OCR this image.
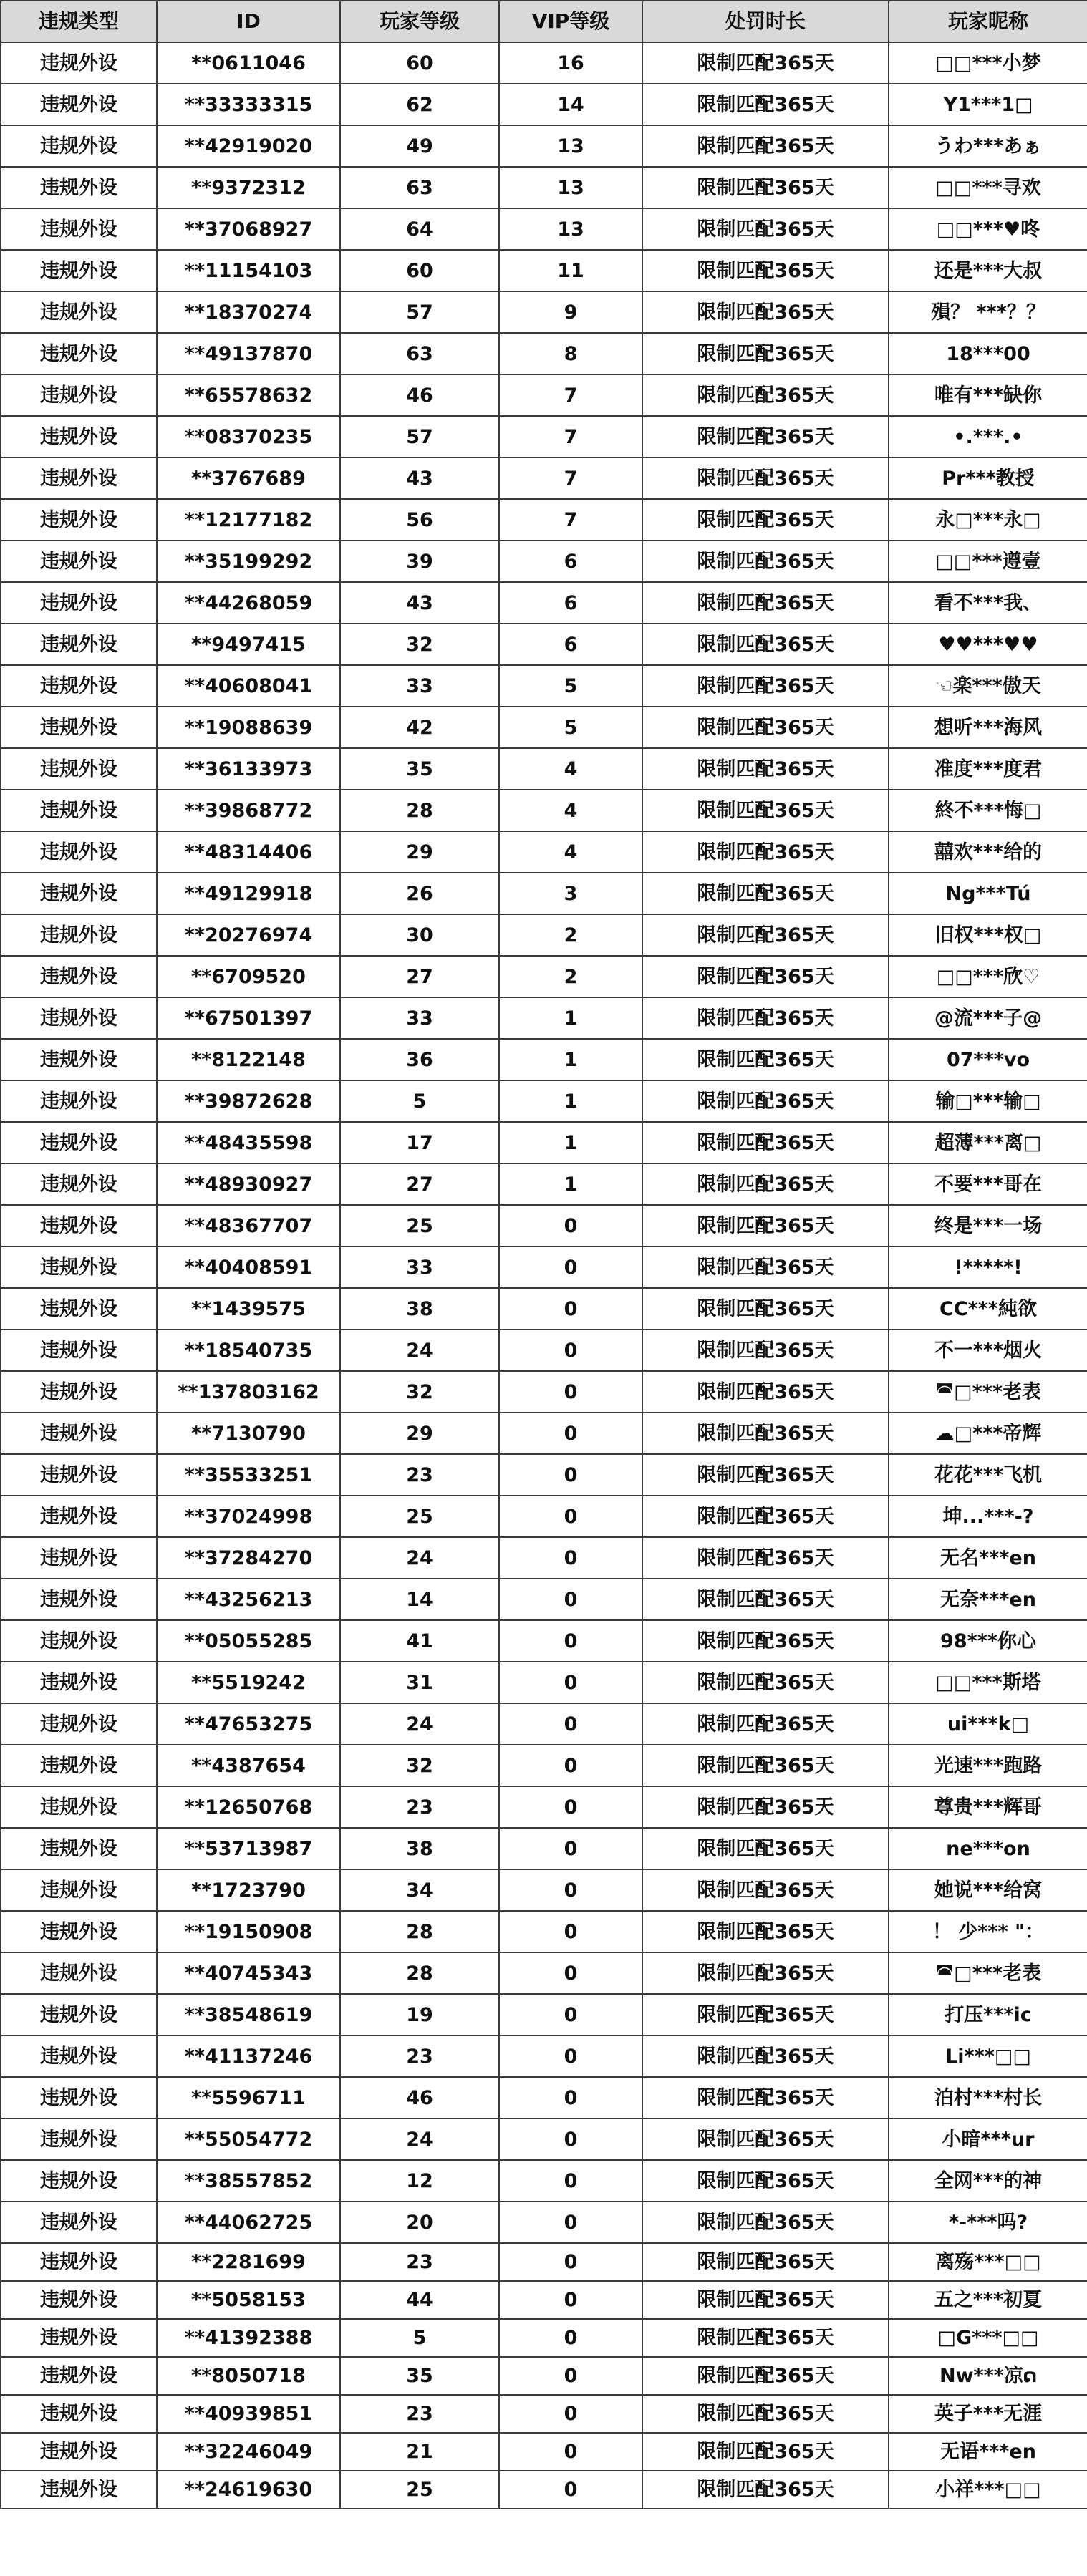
违规类型	ID	玩家等级	VIP等级	处罚时长	玩家昵称
违规外设	**0611046	60	16	限制匹配365天	□□***小梦
违规外设	**33333315	62	14	限制匹配365天	Y1***1□
违规外设	**42919020	49	13	限制匹配365天	うわ***あぁ
违规外设	**9372312	63	13	限制匹配365天	□□***寻欢
违规外设	**37068927	64	13	限制匹配365天	□□***♥咚
违规外设	**11154103	60	11	限制匹配365天	还是***大叔
违规外设	**18370274	57	9	限制匹配365天	殞？ ***？？
违规外设	**49137870	63	8	限制匹配365天	18***00
违规外设	**65578632	46	7	限制匹配365天	唯有***缺你
违规外设	**08370235	57	7	限制匹配365天	•.***.•
违规外设	**3767689	43	7	限制匹配365天	Pr***教授
违规外设	**12177182	56	7	限制匹配365天	永□***永□
违规外设	**35199292	39	6	限制匹配365天	□□***遵壹
违规外设	**44268059	43	6	限制匹配365天	看不***我、
违规外设	**9497415	32	6	限制匹配365天	♥♥***♥♥
违规外设	**40608041	33	5	限制匹配365天	☜楽***傲天
违规外设	**19088639	42	5	限制匹配365天	想听***海风
违规外设	**36133973	35	4	限制匹配365天	准度***度君
违规外设	**39868772	28	4	限制匹配365天	終不***悔□
违规外设	**48314406	29	4	限制匹配365天	囍欢***给的
违规外设	**49129918	26	3	限制匹配365天	Ng***Tú
违规外设	**20276974	30	2	限制匹配365天	旧权***权□
违规外设	**6709520	27	2	限制匹配365天	□□***欣♡
违规外设	**67501397	33	1	限制匹配365天	@流***子@
违规外设	**8122148	36	1	限制匹配365天	07***vo
违规外设	**39872628	5	1	限制匹配365天	输□***输□
违规外设	**48435598	17	1	限制匹配365天	超薄***离□
违规外设	**48930927	27	1	限制匹配365天	不要***哥在
违规外设	**48367707	25	0	限制匹配365天	终是***一场
违规外设	**40408591	33	0	限制匹配365天	!*****!
违规外设	**1439575	38	0	限制匹配365天	CC***純欲
违规外设	**18540735	24	0	限制匹配365天	不一***烟火
违规外设	**137803162	32	0	限制匹配365天	◚□***老表
违规外设	**7130790	29	0	限制匹配365天	☁□***帝辉
违规外设	**35533251	23	0	限制匹配365天	花花***飞机
违规外设	**37024998	25	0	限制匹配365天	坤...***-?
违规外设	**37284270	24	0	限制匹配365天	无名***en
违规外设	**43256213	14	0	限制匹配365天	无奈***en
违规外设	**05055285	41	0	限制匹配365天	98***你心
违规外设	**5519242	31	0	限制匹配365天	□□***斯塔
违规外设	**47653275	24	0	限制匹配365天	ui***k□
违规外设	**4387654	32	0	限制匹配365天	光速***跑路
违规外设	**12650768	23	0	限制匹配365天	尊贵***辉哥
违规外设	**53713987	38	0	限制匹配365天	ne***on
违规外设	**1723790	34	0	限制匹配365天	她说***给窝
违规外设	**19150908	28	0	限制匹配365天	！ 少*** "：
违规外设	**40745343	28	0	限制匹配365天	◚□***老表
违规外设	**38548619	19	0	限制匹配365天	打压***ic
违规外设	**41137246	23	0	限制匹配365天	Li***□□
违规外设	**5596711	46	0	限制匹配365天	泊村***村长
违规外设	**55054772	24	0	限制匹配365天	小暗***ur
违规外设	**38557852	12	0	限制匹配365天	全网***的神
违规外设	**44062725	20	0	限制匹配365天	*-***吗?
违规外设	**2281699	23	0	限制匹配365天	离殇***□□
违规外设	**5058153	44	0	限制匹配365天	五之***初夏
违规外设	**41392388	5	0	限制匹配365天	□G***□□
违规外设	**8050718	35	0	限制匹配365天	Nw***凉ດ
违规外设	**40939851	23	0	限制匹配365天	英子***无涯
违规外设	**32246049	21	0	限制匹配365天	无语***en
违规外设	**24619630	25	0	限制匹配365天	小祥***□□
